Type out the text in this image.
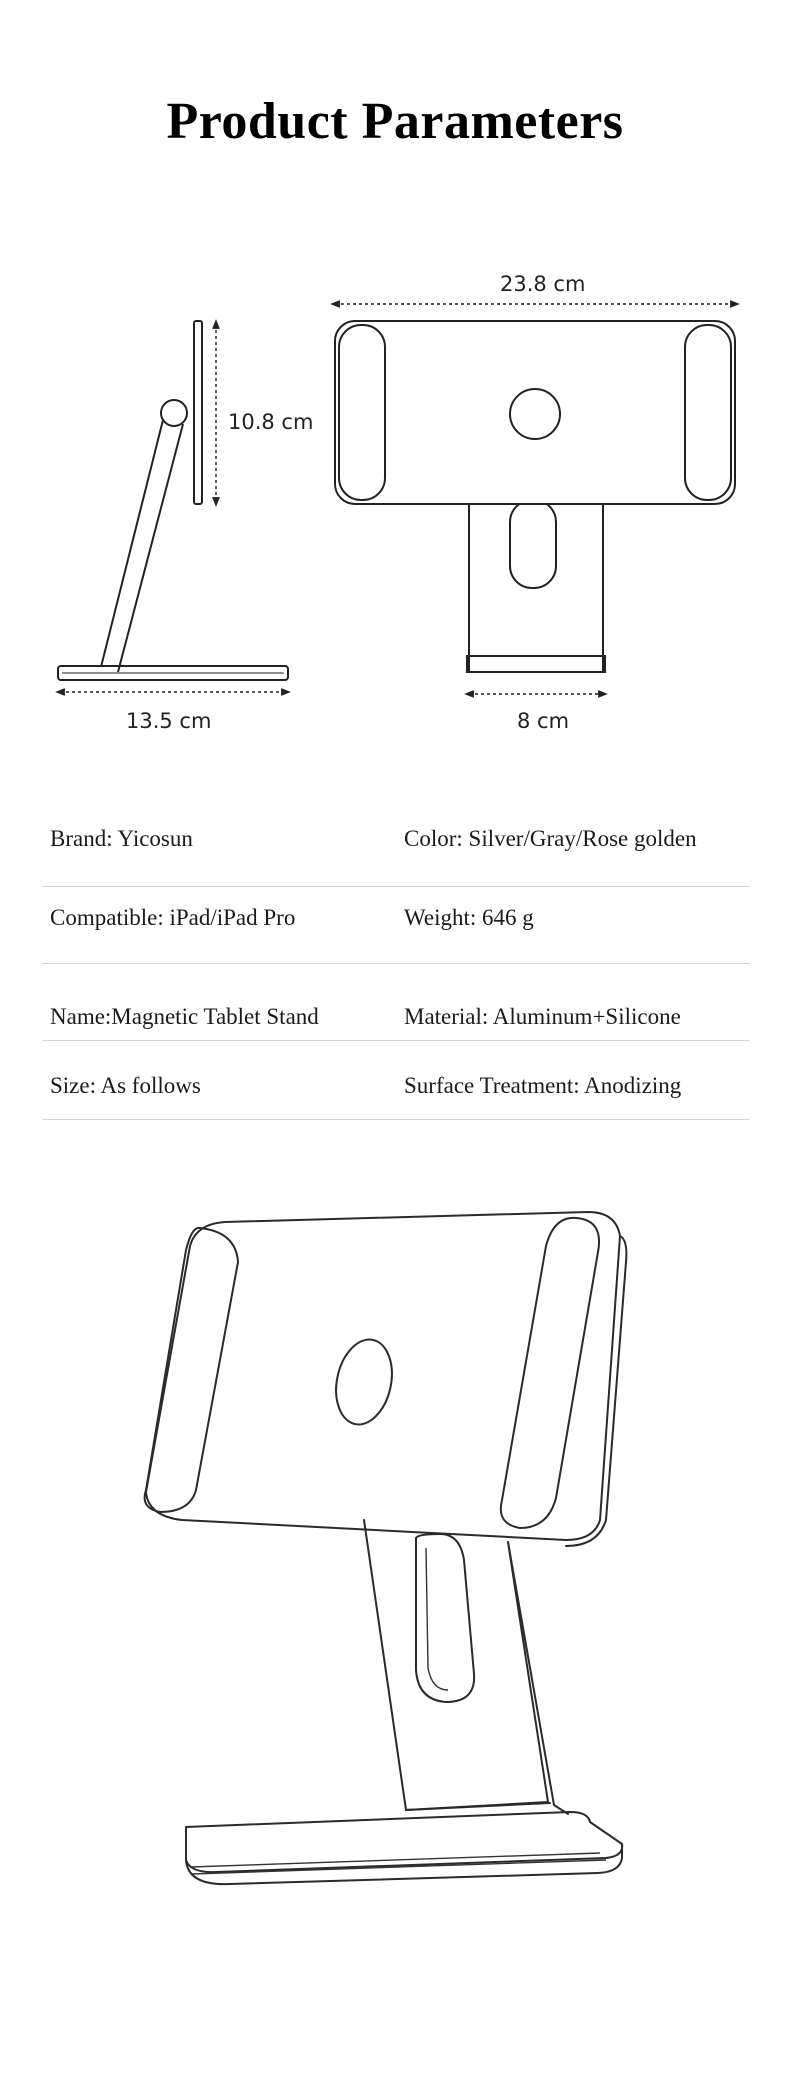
Product Parameters
10.8 cm
13.5 cm
23.8 cm
8 cm
Brand: Yicosun	Color: Silver/Gray/Rose golden
Compatible: iPad/iPad Pro	Weight: 646 g
Name:Magnetic Tablet Stand	Material: Aluminum+Silicone
Size: As follows	Surface Treatment: Anodizing
